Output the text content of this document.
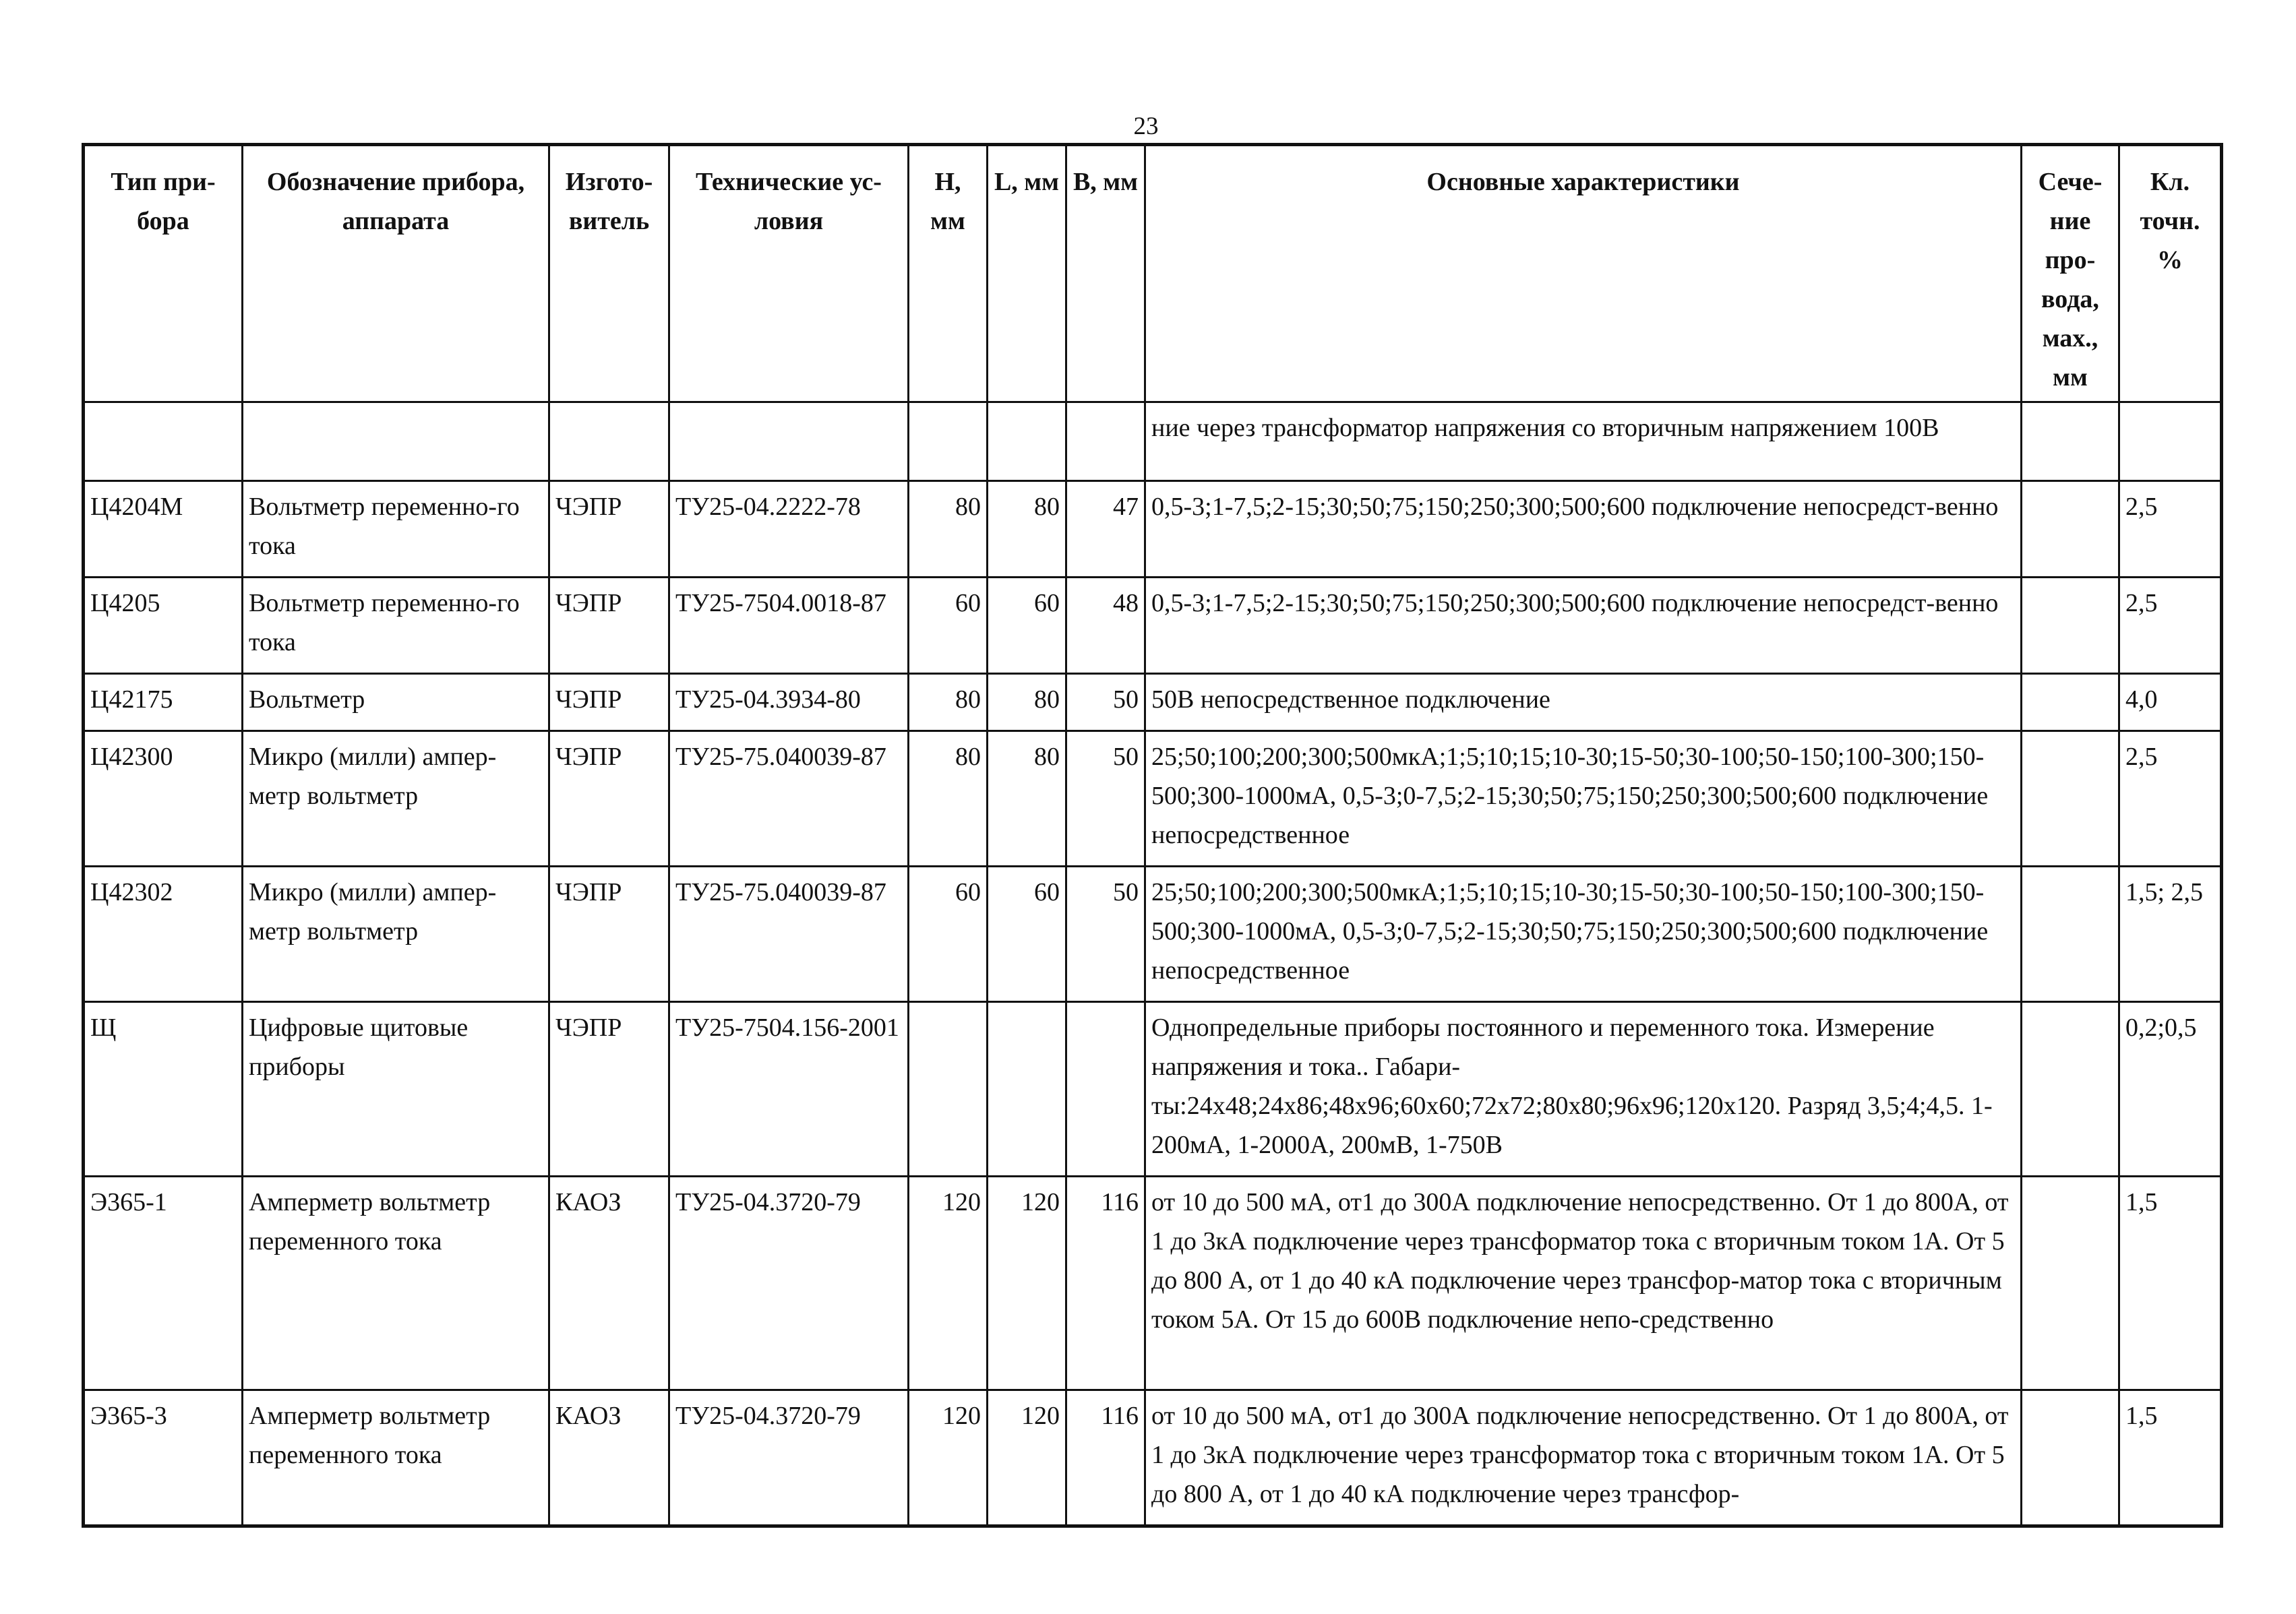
23
Тип при-бора	Обозначение прибора, аппарата	Изгото-витель	Технические ус-ловия	H, мм	L, мм	B, мм	Основные характеристики	Сече-ние про-вода, мах., мм	Кл. точн. %
							ние через трансформатор напряжения со вторичным напряжением 100В		
Ц4204М	Вольтметр переменно-го тока	ЧЭПР	ТУ25-04.2222-78	80	80	47	0,5-3;1-7,5;2-15;30;50;75;150;250;300;500;600 подключение непосредст-венно		2,5
Ц4205	Вольтметр переменно-го тока	ЧЭПР	ТУ25-7504.0018-87	60	60	48	0,5-3;1-7,5;2-15;30;50;75;150;250;300;500;600 подключение непосредст-венно		2,5
Ц42175	Вольтметр	ЧЭПР	ТУ25-04.3934-80	80	80	50	50В непосредственное подключение		4,0
Ц42300	Микро (милли) ампер-метр вольтметр	ЧЭПР	ТУ25-75.040039-87	80	80	50	25;50;100;200;300;500мкА;1;5;10;15;10-30;15-50;30-100;50-150;100-300;150-500;300-1000мА, 0,5-3;0-7,5;2-15;30;50;75;150;250;300;500;600 подключение непосредственное		2,5
Ц42302	Микро (милли) ампер-метр вольтметр	ЧЭПР	ТУ25-75.040039-87	60	60	50	25;50;100;200;300;500мкА;1;5;10;15;10-30;15-50;30-100;50-150;100-300;150-500;300-1000мА, 0,5-3;0-7,5;2-15;30;50;75;150;250;300;500;600 подключение непосредственное		1,5; 2,5
Щ	Цифровые щитовые приборы	ЧЭПР	ТУ25-7504.156-2001				Однопредельные приборы постоянного и переменного тока. Измерение напряжения и тока.. Габари-ты:24х48;24х86;48х96;60х60;72х72;80х80;96х96;120х120. Разряд 3,5;4;4,5. 1-200мА, 1-2000А, 200мВ, 1-750В		0,2;0,5
Э365-1	Амперметр вольтметр переменного тока	КАОЗ	ТУ25-04.3720-79	120	120	116	от 10 до 500 мА, от1 до 300А подключение непосредственно. От 1 до 800А, от 1 до 3кА подключение через трансформатор тока с вторичным током 1А. От 5 до 800 А, от 1 до 40 кА подключение через трансфор-матор тока с вторичным током 5А. От 15 до 600В подключение непо-средственно		1,5
Э365-3	Амперметр вольтметр переменного тока	КАОЗ	ТУ25-04.3720-79	120	120	116	от 10 до 500 мА, от1 до 300А подключение непосредственно. От 1 до 800А, от 1 до 3кА подключение через трансформатор тока с вторичным током 1А. От 5 до 800 А, от 1 до 40 кА подключение через трансфор-		1,5
